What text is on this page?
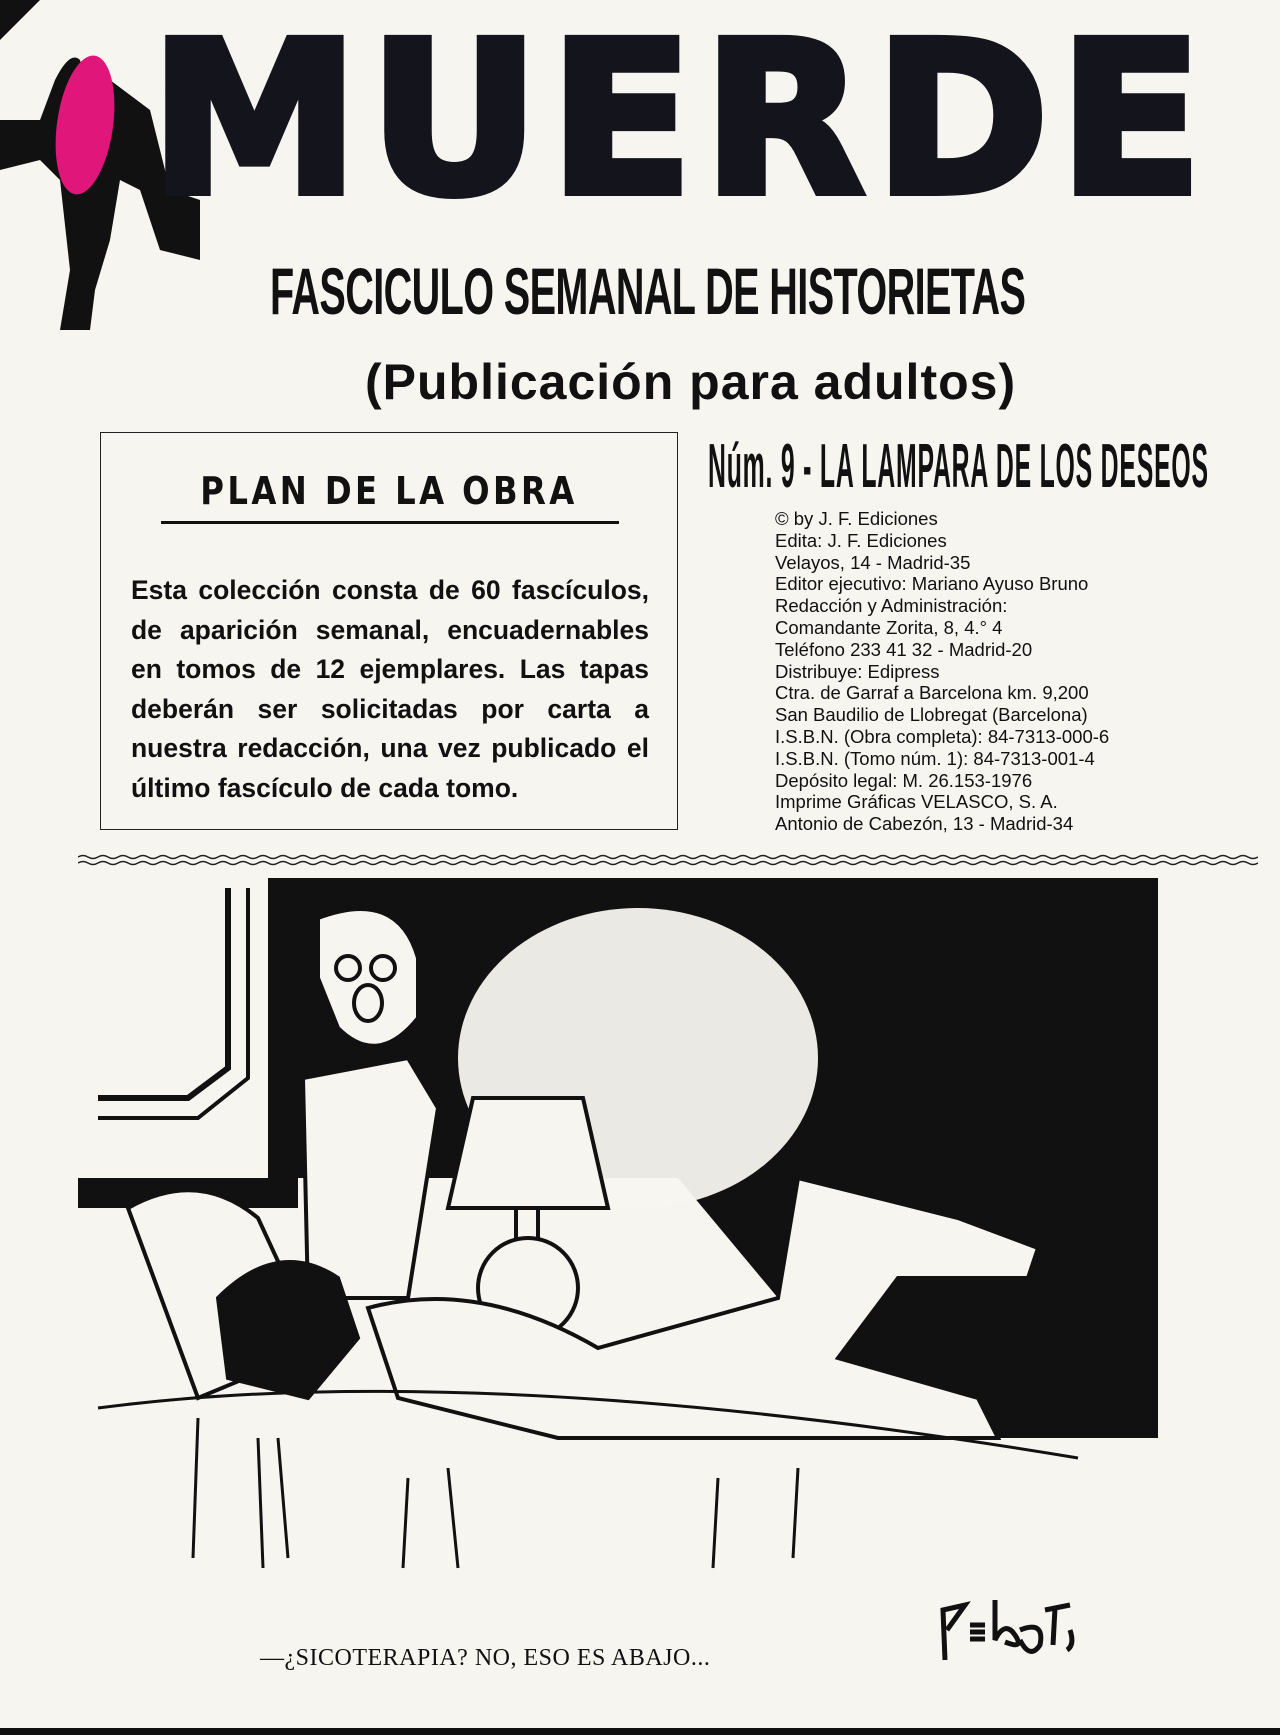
MUERDE
FASCICULO SEMANAL DE HISTORIETAS
(Publicación para adultos)
PLAN DE LA OBRA
Esta colección consta de 60 fascículos, de aparición semanal, encuadernables en tomos de 12 ejemplares. Las tapas deberán ser solicitadas por carta a nuestra redacción, una vez publicado el último fascículo de cada tomo.
Núm. 9 - LA LAMPARA DE LOS DESEOS
© by J. F. Ediciones
Edita: J. F. Ediciones
Velayos, 14 - Madrid-35
Editor ejecutivo: Mariano Ayuso Bruno
Redacción y Administración:
Comandante Zorita, 8, 4.° 4
Teléfono 233 41 32 - Madrid-20
Distribuye: Edipress
Ctra. de Garraf a Barcelona km. 9,200
San Baudilio de Llobregat (Barcelona)
I.S.B.N. (Obra completa): 84-7313-000-6
I.S.B.N. (Tomo núm. 1): 84-7313-001-4
Depósito legal: M. 26.153-1976
Imprime Gráficas VELASCO, S. A.
Antonio de Cabezón, 13 - Madrid-34
—¿SICOTERAPIA? NO, ESO ES ABAJO...
